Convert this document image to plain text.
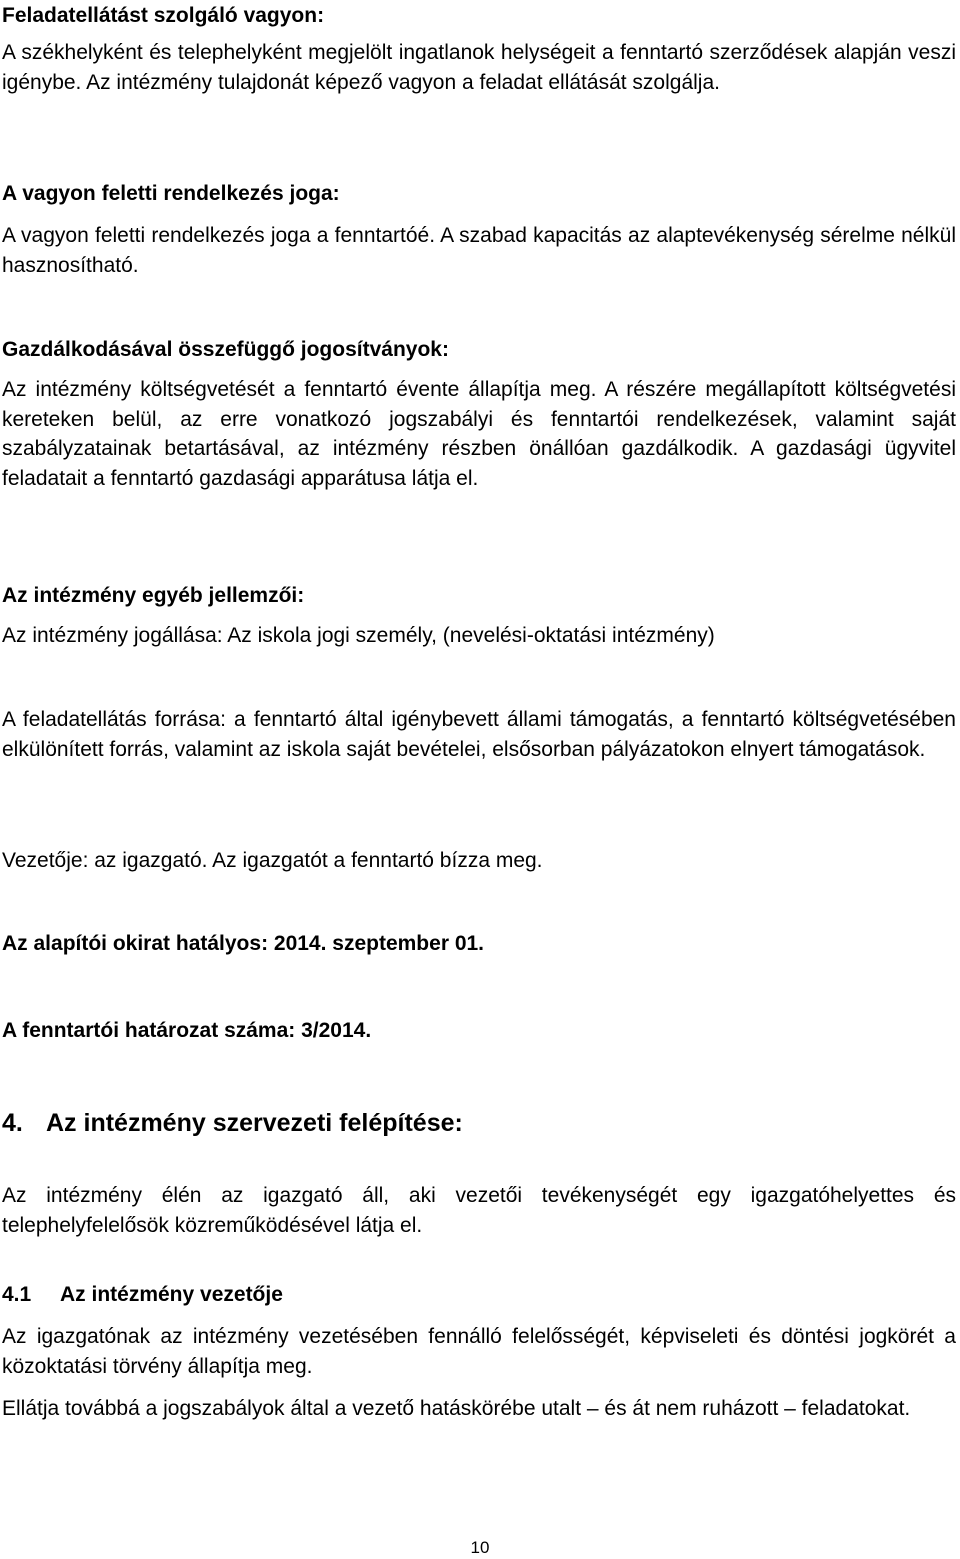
Feladatellátást szolgáló vagyon:

A székhelyként és telephelyként megjelölt ingatlanok helységeit a fenntartó szerződések alapján veszi igénybe. Az intézmény tulajdonát képező vagyon a feladat ellátását szolgálja.

A vagyon feletti rendelkezés joga:

A vagyon feletti rendelkezés joga a fenntartóé. A szabad kapacitás az alaptevékenység sérelme nélkül hasznosítható.

Gazdálkodásával összefüggő jogosítványok:

Az intézmény költségvetését a fenntartó évente állapítja meg. A részére megállapított költségvetési kereteken belül, az erre vonatkozó jogszabályi és fenntartói rendelkezések, valamint saját szabályzatainak betartásával, az intézmény részben önállóan gazdálkodik. A gazdasági ügyvitel feladatait a fenntartó gazdasági apparátusa látja el.

Az intézmény egyéb jellemzői:

Az intézmény jogállása: Az iskola jogi személy, (nevelési-oktatási intézmény)

A feladatellátás forrása: a fenntartó által igénybevett állami támogatás, a fenntartó költségvetésében elkülönített forrás, valamint az iskola saját bevételei, elsősorban pályázatokon elnyert támogatások.

Vezetője: az igazgató. Az igazgatót a fenntartó bízza meg.

Az alapítói okirat hatályos: 2014. szeptember 01.

A fenntartói határozat száma: 3/2014.

4. Az intézmény szervezeti felépítése:

Az intézmény élén az igazgató áll, aki vezetői tevékenységét egy igazgatóhelyettes és telephelyfelelősök közreműködésével látja el.

4.1 Az intézmény vezetője

Az igazgatónak az intézmény vezetésében fennálló felelősségét, képviseleti és döntési jogkörét a közoktatási törvény állapítja meg.

Ellátja továbbá a jogszabályok által a vezető hatáskörébe utalt – és át nem ruházott – feladatokat.

10
